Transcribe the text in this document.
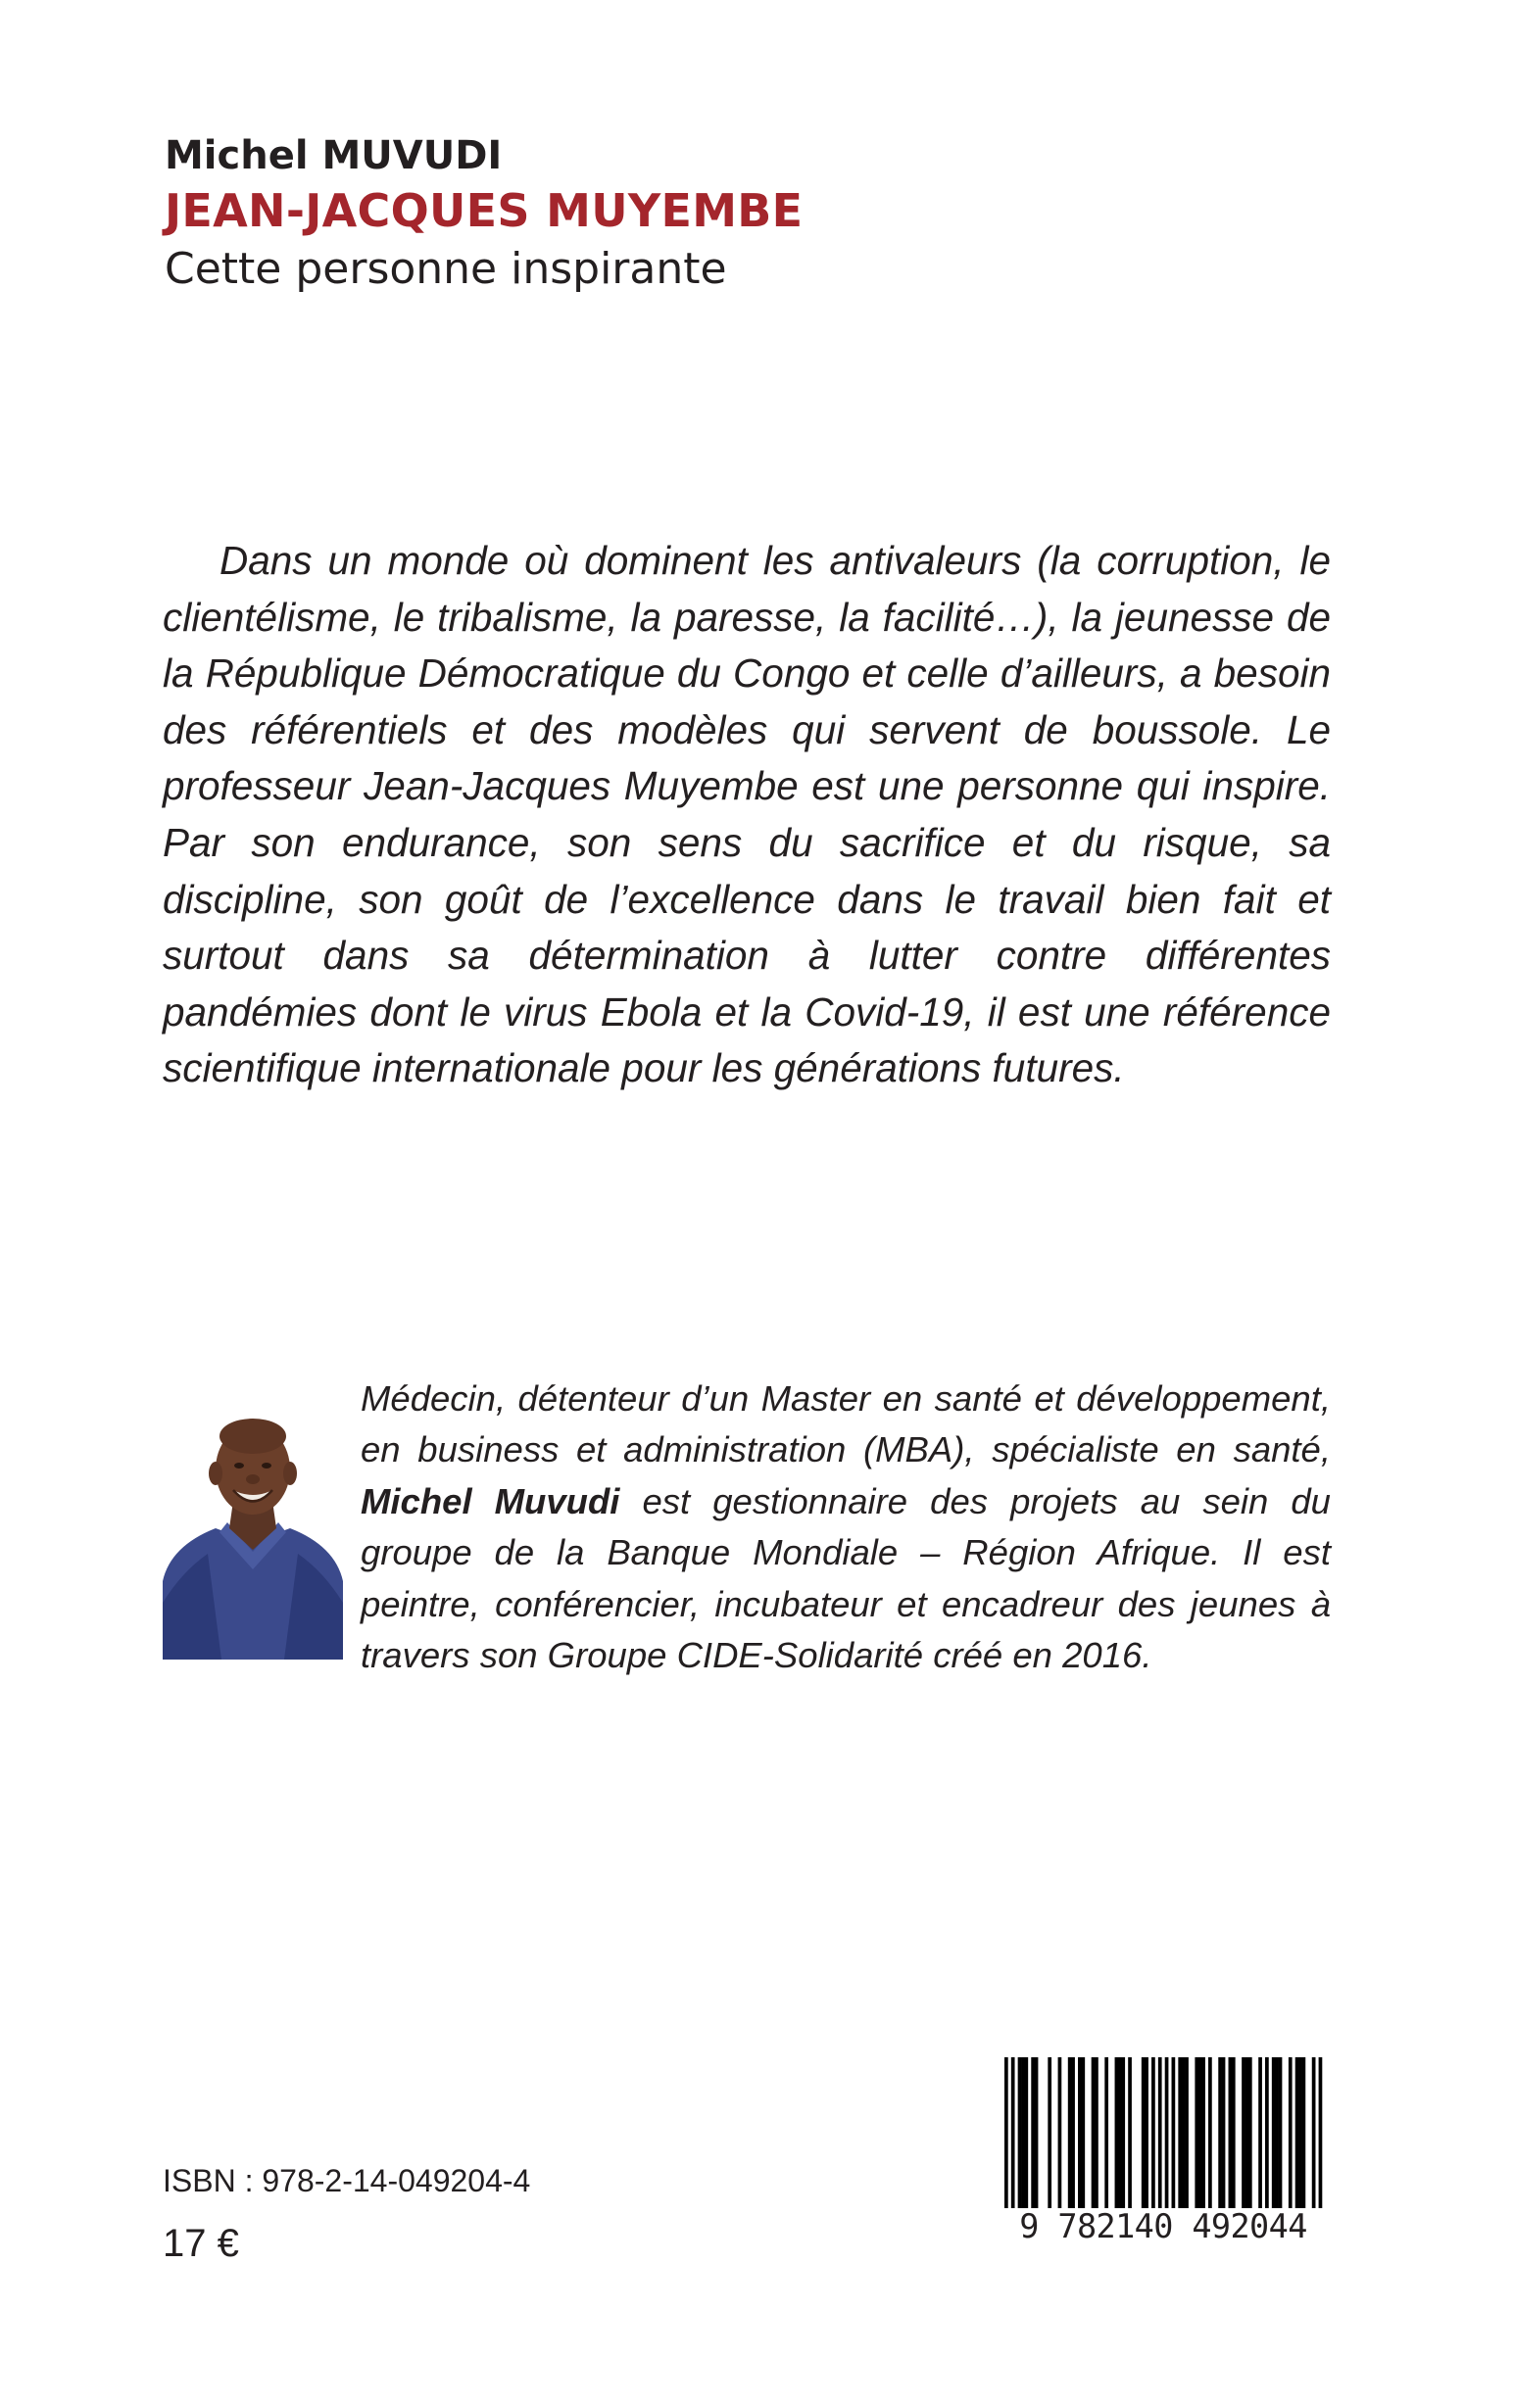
Michel MUVUDI
JEAN-JACQUES MUYEMBE
Cette personne inspirante

Dans un monde où dominent les antivaleurs (la corruption, le clientélisme, le tribalisme, la paresse, la facilité…), la jeunesse de la République Démocratique du Congo et celle d’ailleurs, a besoin des référentiels et des modèles qui servent de boussole. Le professeur Jean-Jacques Muyembe est une personne qui inspire. Par son endurance, son sens du sacrifice et du risque, sa discipline, son goût de l’excellence dans le travail bien fait et surtout dans sa détermination à lutter contre différentes pandémies dont le virus Ebola et la Covid-19, il est une référence scientifique internationale pour les générations futures.

Médecin, détenteur d’un Master en santé et développement, en business et administration (MBA), spécialiste en santé, Michel Muvudi est gestionnaire des projets au sein du groupe de la Banque Mondiale – Région Afrique. Il est peintre, conférencier, incubateur et encadreur des jeunes à travers son Groupe CIDE-Solidarité créé en 2016.

ISBN : 978-2-14-049204-4
17 €	9 782140 492044
